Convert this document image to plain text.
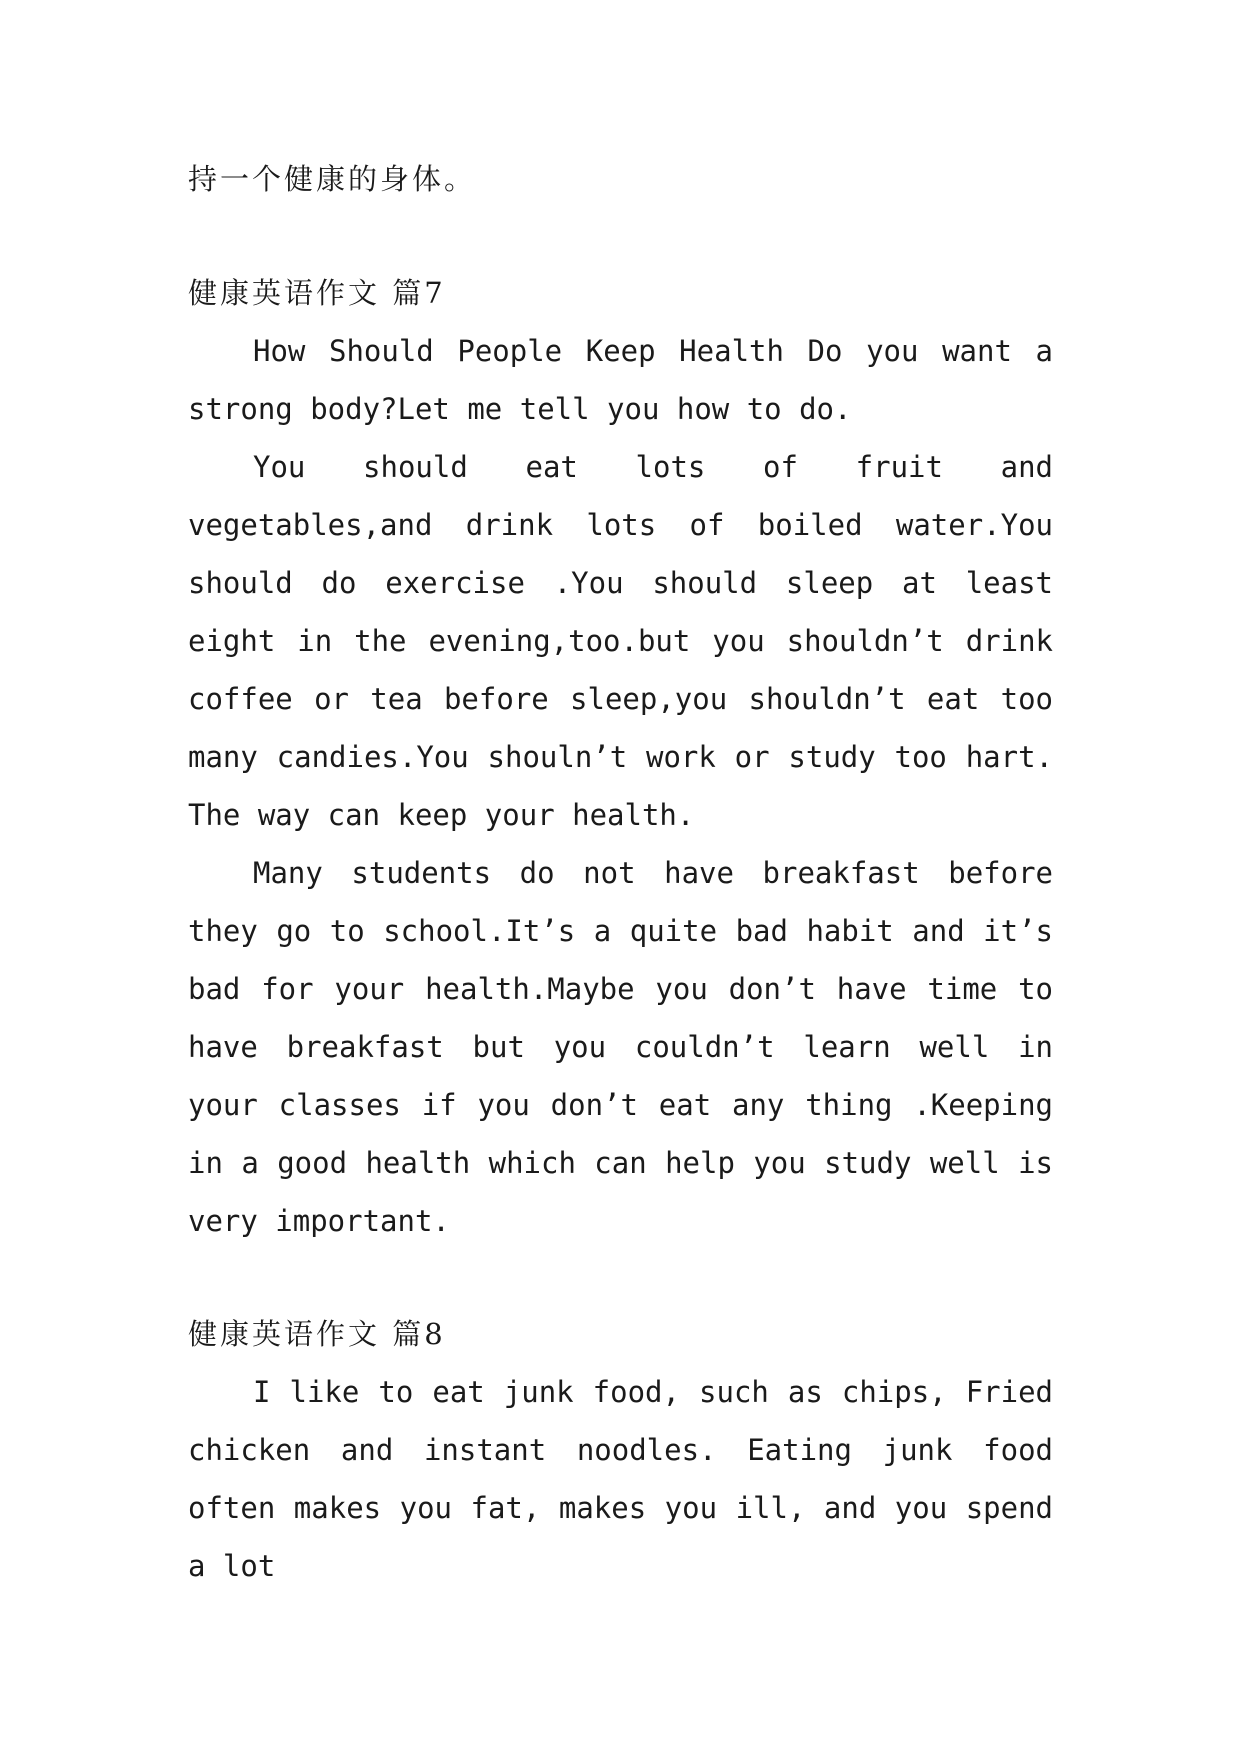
持一个健康的身体。

健康英语作文 篇7

How Should People Keep Health Do you want a strong body?Let me tell you how to do.

You should eat lots of fruit and vegetables,and drink lots of boiled water.You should do exercise .You should sleep at least eight in the evening,too.but you shouldn’t drink coffee or tea before sleep,you shouldn’t eat too many candies.You shouln’t work or study too hart. The way can keep your health.

Many students do not have breakfast before they go to school.It’s a quite bad habit and it’s bad for your health.Maybe you don’t have time to have breakfast but you couldn’t learn well in your classes if you don’t eat any thing .Keeping in a good health which can help you study well is very important.

健康英语作文 篇8

I like to eat junk food, such as chips, Fried chicken and instant noodles. Eating junk food often makes you fat, makes you ill, and you spend a lot
